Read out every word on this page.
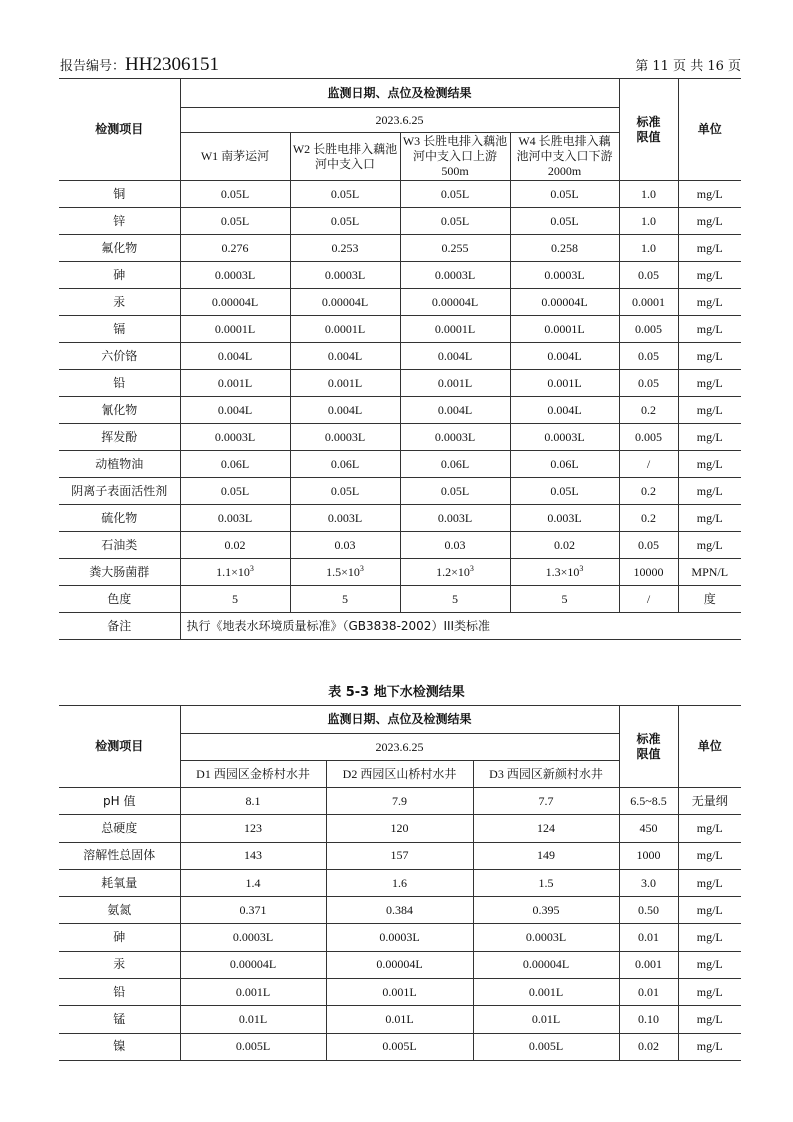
报告编号：HH2306151	第 11 页 共 16 页
检测项目	监测日期、点位及检测结果				标准
限值	单位
	2023.6.25					
	W1 南茅运河	W2 长胜电排入藕池河中支入口	W3 长胜电排入藕池河中支入口上游 500m	W4 长胜电排入藕池河中支入口下游 2000m		
铜	0.05L	0.05L	0.05L	0.05L	1.0	mg/L
锌	0.05L	0.05L	0.05L	0.05L	1.0	mg/L
氟化物	0.276	0.253	0.255	0.258	1.0	mg/L
砷	0.0003L	0.0003L	0.0003L	0.0003L	0.05	mg/L
汞	0.00004L	0.00004L	0.00004L	0.00004L	0.0001	mg/L
镉	0.0001L	0.0001L	0.0001L	0.0001L	0.005	mg/L
六价铬	0.004L	0.004L	0.004L	0.004L	0.05	mg/L
铅	0.001L	0.001L	0.001L	0.001L	0.05	mg/L
氰化物	0.004L	0.004L	0.004L	0.004L	0.2	mg/L
挥发酚	0.0003L	0.0003L	0.0003L	0.0003L	0.005	mg/L
动植物油	0.06L	0.06L	0.06L	0.06L	/	mg/L
阴离子表面活性剂	0.05L	0.05L	0.05L	0.05L	0.2	mg/L
硫化物	0.003L	0.003L	0.003L	0.003L	0.2	mg/L
石油类	0.02	0.03	0.03	0.02	0.05	mg/L
粪大肠菌群	$1.1\times 10^3$	$1.5\times 10^3$	$1.2\times 10^3$	$1.3\times 10^3$	10000	MPN/L
色度	5	5	5	5	/	度
备注	执行《地表水环境质量标准》（GB3838-2002）III类标准					
表 5-3 地下水检测结果
检测项目	监测日期、点位及检测结果			标准
限值	单位
	2023.6.25				
	D1 西园区金桥村水井	D2 西园区山桥村水井	D3 西园区新颜村水井		
pH 值	8.1	7.9	7.7	6.5~8.5	无量纲
总硬度	123	120	124	450	mg/L
溶解性总固体	143	157	149	1000	mg/L
耗氧量	1.4	1.6	1.5	3.0	mg/L
氨氮	0.371	0.384	0.395	0.50	mg/L
砷	0.0003L	0.0003L	0.0003L	0.01	mg/L
汞	0.00004L	0.00004L	0.00004L	0.001	mg/L
铅	0.001L	0.001L	0.001L	0.01	mg/L
锰	0.01L	0.01L	0.01L	0.10	mg/L
镍	0.005L	0.005L	0.005L	0.02	mg/L
